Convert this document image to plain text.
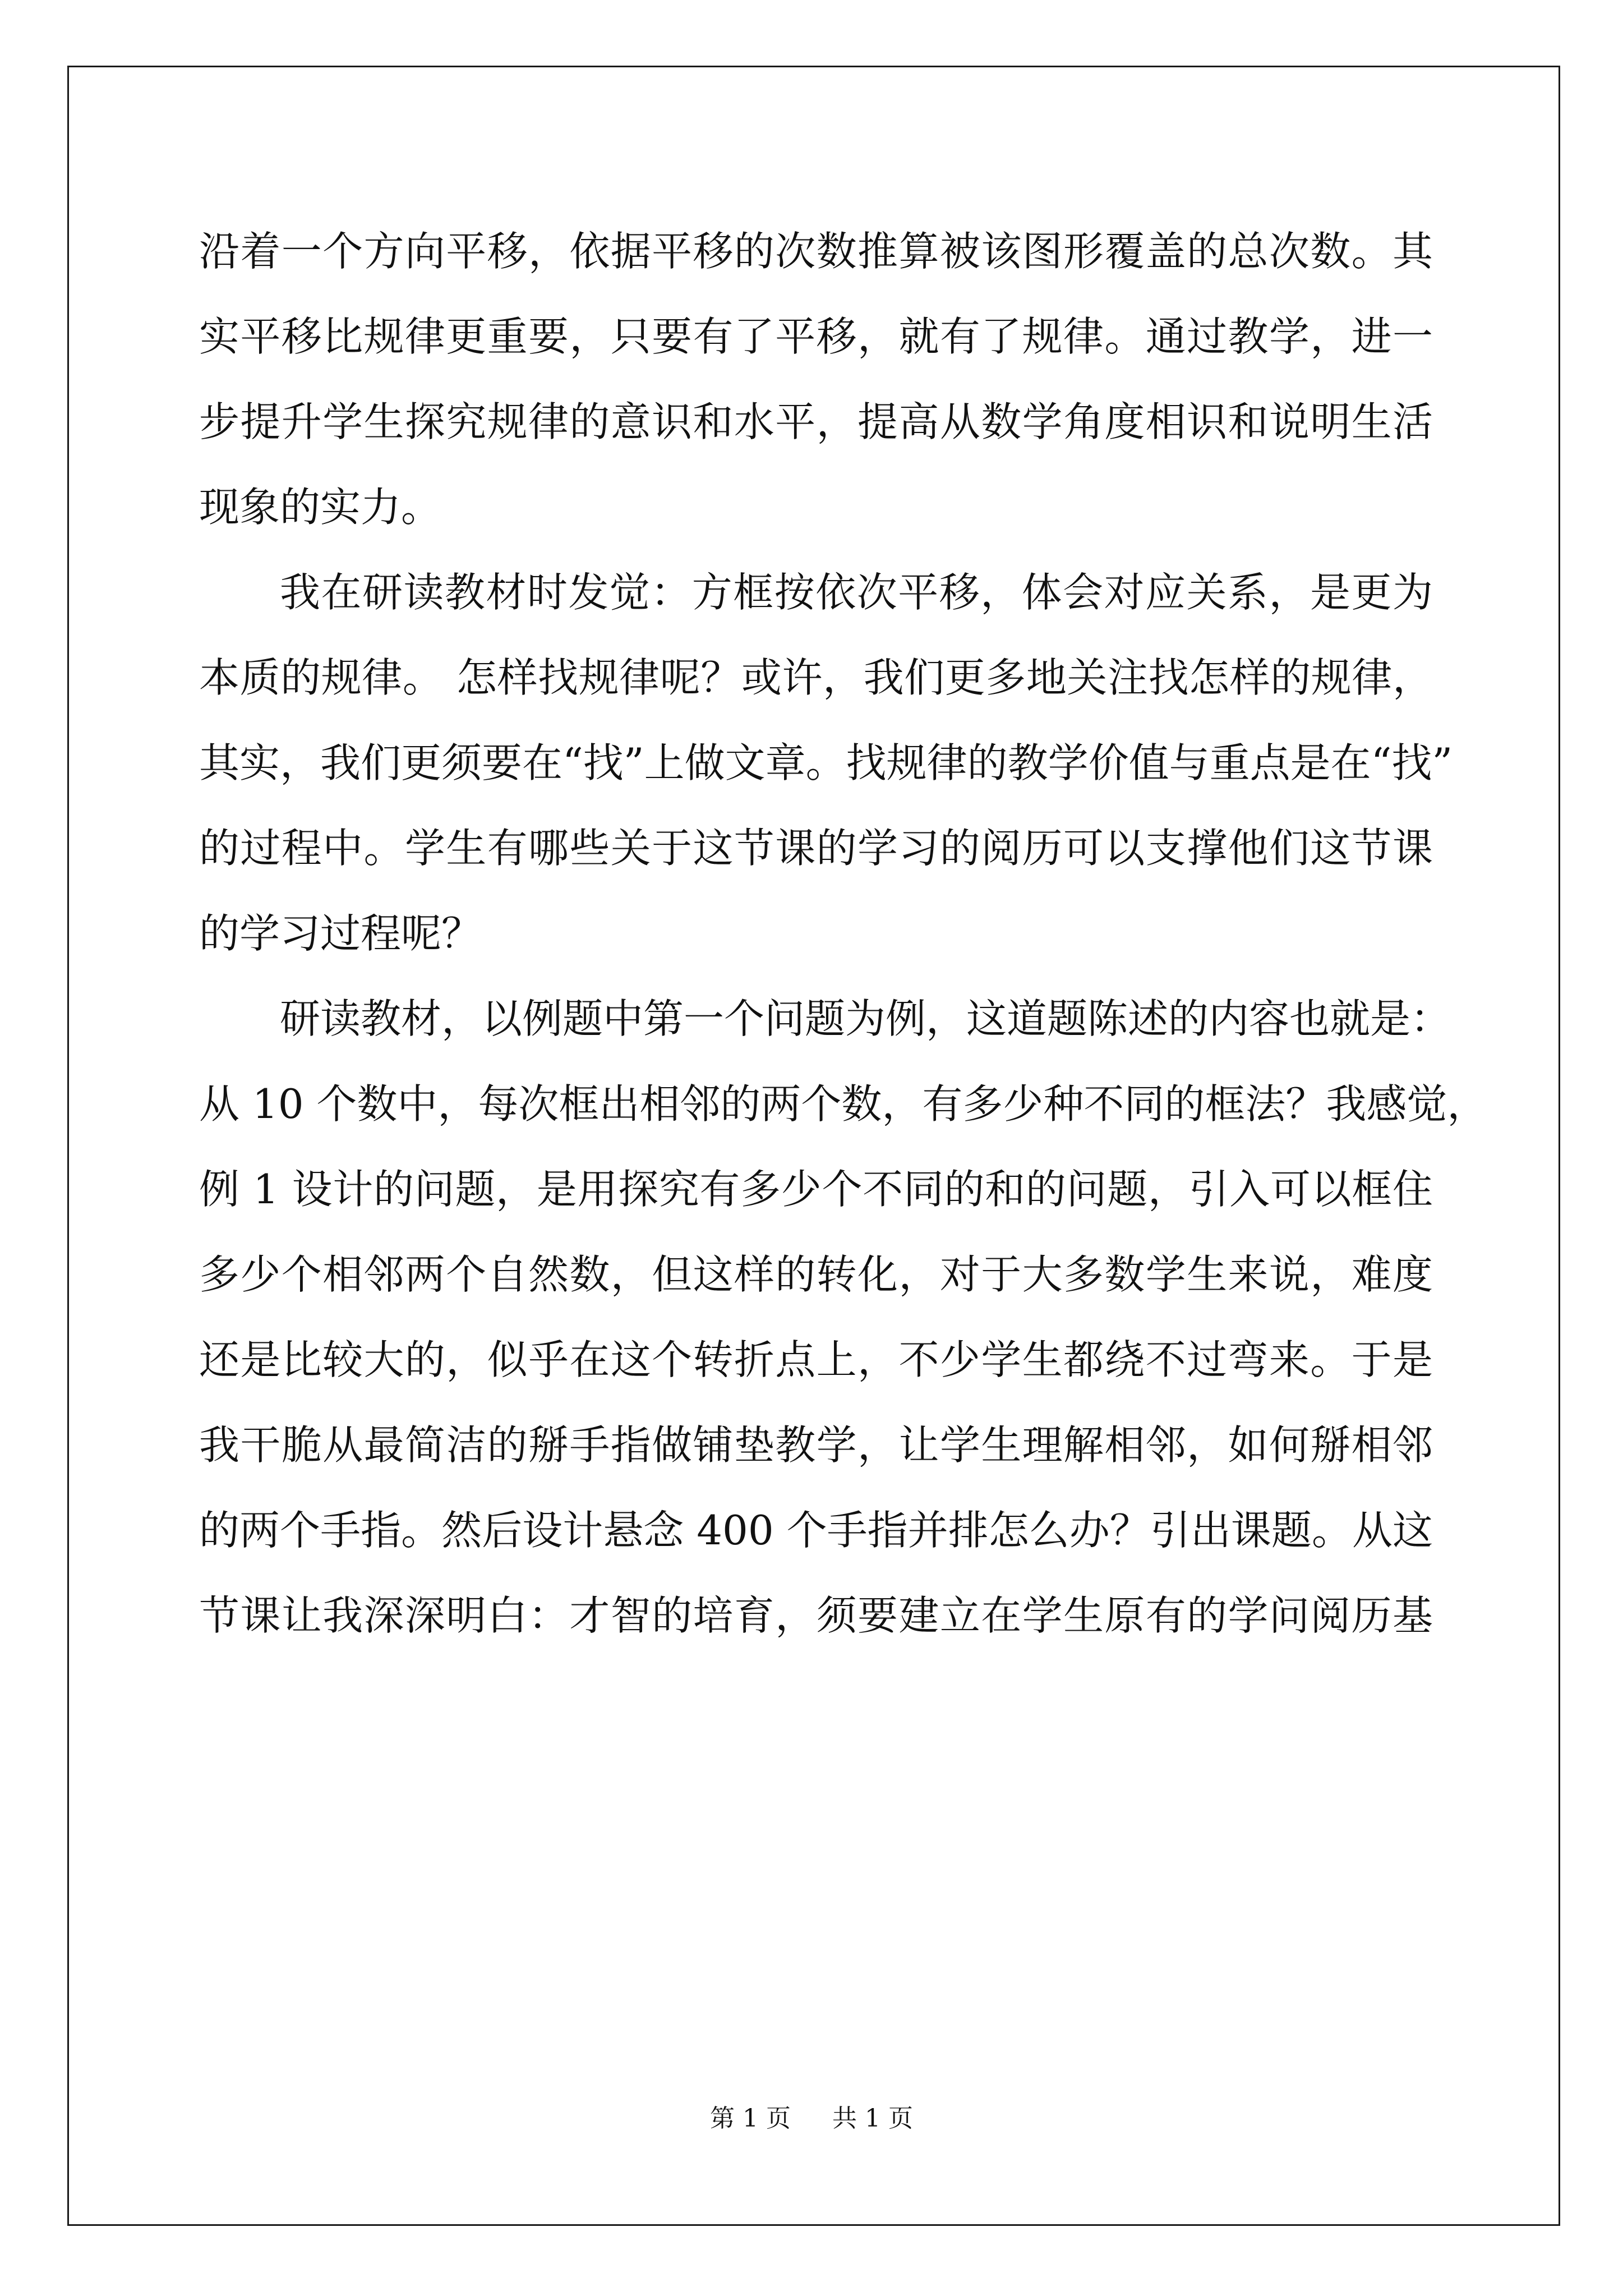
沿着一个方向平移，依据平移的次数推算被该图形覆盖的总次数。其
实平移比规律更重要，只要有了平移，就有了规律。通过教学，进一
步提升学生探究规律的意识和水平，提高从数学角度相识和说明生活
现象的实力。
我在研读教材时发觉：方框按依次平移，体会对应关系，是更为
本质的规律。 怎样找规律呢？或许，我们更多地关注找怎样的规律，
其实，我们更须要在“找”上做文章。找规律的教学价值与重点是在“找”
的过程中。学生有哪些关于这节课的学习的阅历可以支撑他们这节课
的学习过程呢？
研读教材，以例题中第一个问题为例，这道题陈述的内容也就是：
从 10 个数中，每次框出相邻的两个数，有多少种不同的框法？我感觉，
例 1 设计的问题，是用探究有多少个不同的和的问题，引入可以框住
多少个相邻两个自然数，但这样的转化，对于大多数学生来说，难度
还是比较大的，似乎在这个转折点上，不少学生都绕不过弯来。于是
我干脆从最简洁的掰手指做铺垫教学，让学生理解相邻，如何掰相邻
的两个手指。然后设计悬念 400 个手指并排怎么办？引出课题。从这
节课让我深深明白：才智的培育，须要建立在学生原有的学问阅历基
第 1 页 共 1 页
